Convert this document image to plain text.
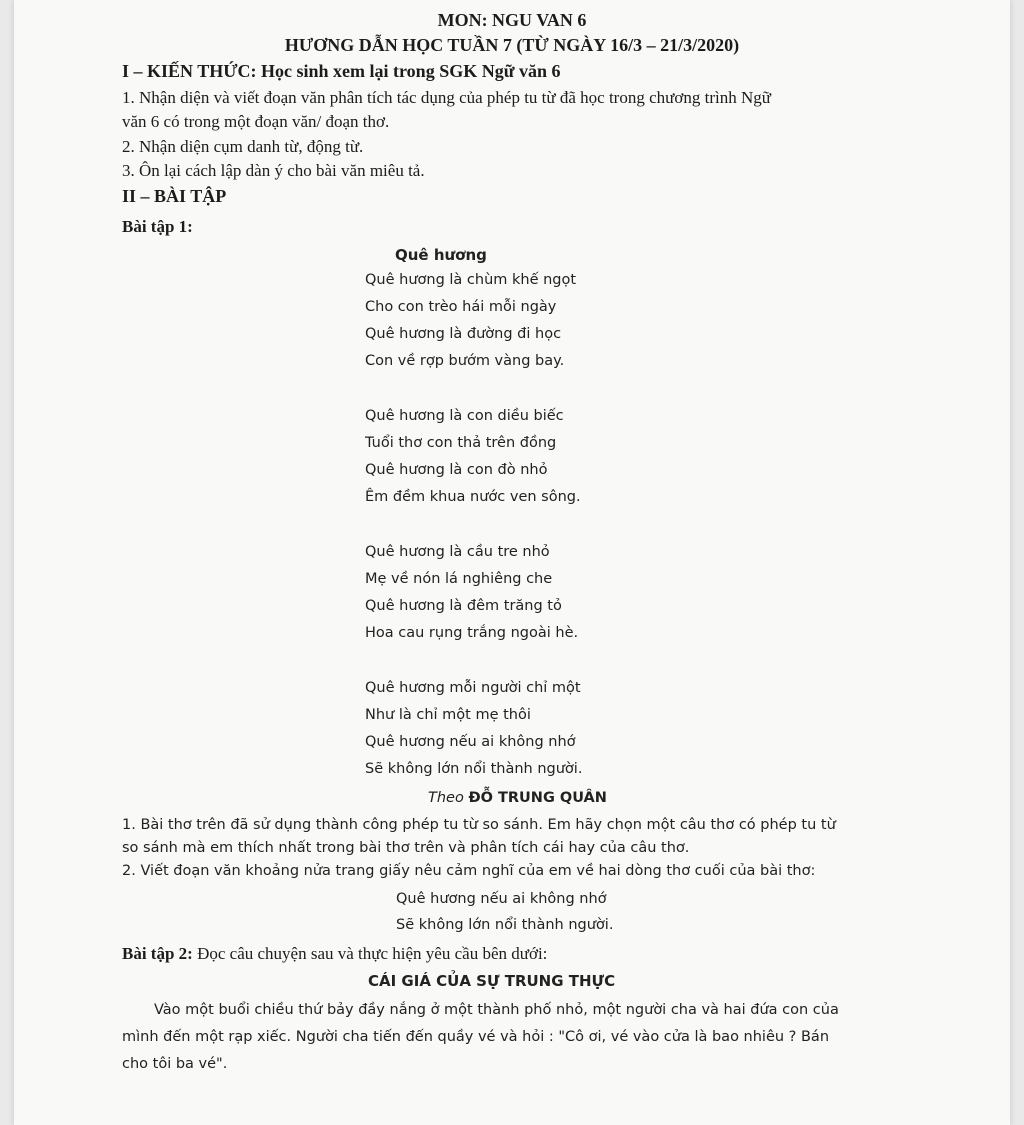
MON: NGU VAN 6
HƯƠNG DẪN HỌC TUẦN 7 (TỪ NGÀY 16/3 – 21/3/2020)
I – KIẾN THỨC: Học sinh xem lại trong SGK Ngữ văn 6
1. Nhận diện và viết đoạn văn phân tích tác dụng của phép tu từ đã học trong chương trình Ngữ
văn 6 có trong một đoạn văn/ đoạn thơ.
2. Nhận diện cụm danh từ, động từ.
3. Ôn lại cách lập dàn ý cho bài văn miêu tả.
II – BÀI TẬP
Bài tập 1:
Quê hương
Quê hương là chùm khế ngọt
Cho con trèo hái mỗi ngày
Quê hương là đường đi học
Con về rợp bướm vàng bay.
Quê hương là con diều biếc
Tuổi thơ con thả trên đồng
Quê hương là con đò nhỏ
Êm đềm khua nước ven sông.
Quê hương là cầu tre nhỏ
Mẹ về nón lá nghiêng che
Quê hương là đêm trăng tỏ
Hoa cau rụng trắng ngoài hè.
Quê hương mỗi người chỉ một
Như là chỉ một mẹ thôi
Quê hương nếu ai không nhớ
Sẽ không lớn nổi thành người.
Theo ĐỖ TRUNG QUÂN
1. Bài thơ trên đã sử dụng thành công phép tu từ so sánh. Em hãy chọn một câu thơ có phép tu từ
so sánh mà em thích nhất trong bài thơ trên và phân tích cái hay của câu thơ.
2. Viết đoạn văn khoảng nửa trang giấy nêu cảm nghĩ của em về hai dòng thơ cuối của bài thơ:
Quê hương nếu ai không nhớ
Sẽ không lớn nổi thành người.
Bài tập 2: Đọc câu chuyện sau và thực hiện yêu cầu bên dưới:
CÁI GIÁ CỦA SỰ TRUNG THỰC
Vào một buổi chiều thứ bảy đầy nắng ở một thành phố nhỏ, một người cha và hai đứa con của
mình đến một rạp xiếc. Người cha tiến đến quầy vé và hỏi : "Cô ơi, vé vào cửa là bao nhiêu ? Bán
cho tôi ba vé".
